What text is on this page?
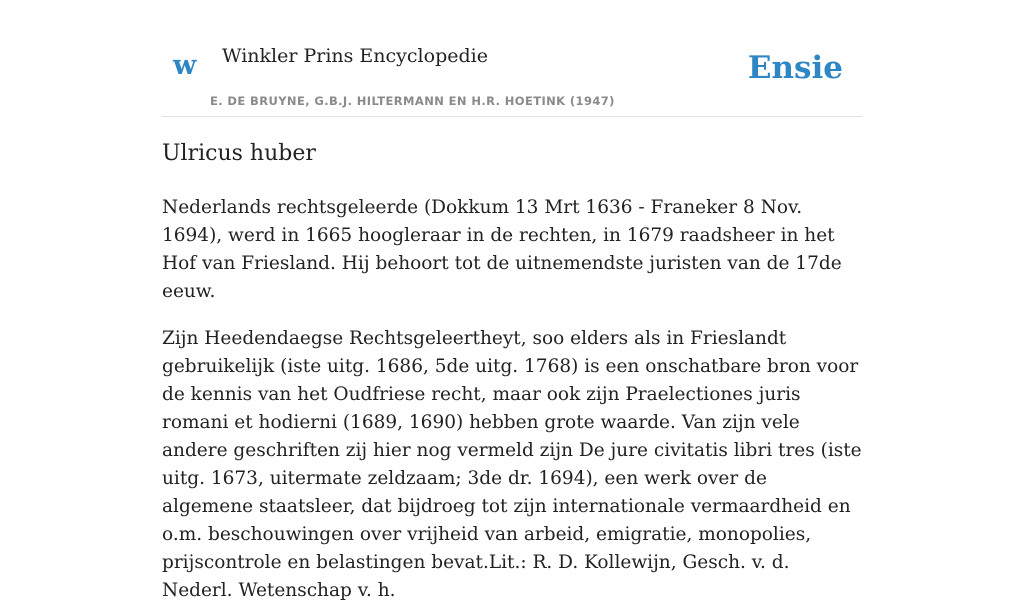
w Winkler Prins Encyclopedie
E. DE BRUYNE, G.B.J. HILTERMANN EN H.R. HOETINK (1947)
Ensie
Ulricus huber

Nederlands rechtsgeleerde (Dokkum 13 Mrt 1636 - Franeker 8 Nov. 1694), werd in 1665 hoogleraar in de rechten, in 1679 raadsheer in het Hof van Friesland. Hij behoort tot de uitnemendste juristen van de 17de eeuw.

Zijn Heedendaegse Rechtsgeleertheyt, soo elders als in Frieslandt gebruikelijk (iste uitg. 1686, 5de uitg. 1768) is een onschatbare bron voor de kennis van het Oudfriese recht, maar ook zijn Praelectiones juris romani et hodierni (1689, 1690) hebben grote waarde. Van zijn vele andere geschriften zij hier nog vermeld zijn De jure civitatis libri tres (iste uitg. 1673, uitermate zeldzaam; 3de dr. 1694), een werk over de algemene staatsleer, dat bijdroeg tot zijn internationale vermaardheid en o.m. beschouwingen over vrijheid van arbeid, emigratie, monopolies, prijscontrole en belastingen bevat.Lit.: R. D. Kollewijn, Gesch. v. d. Nederl. Wetenschap v. h.
